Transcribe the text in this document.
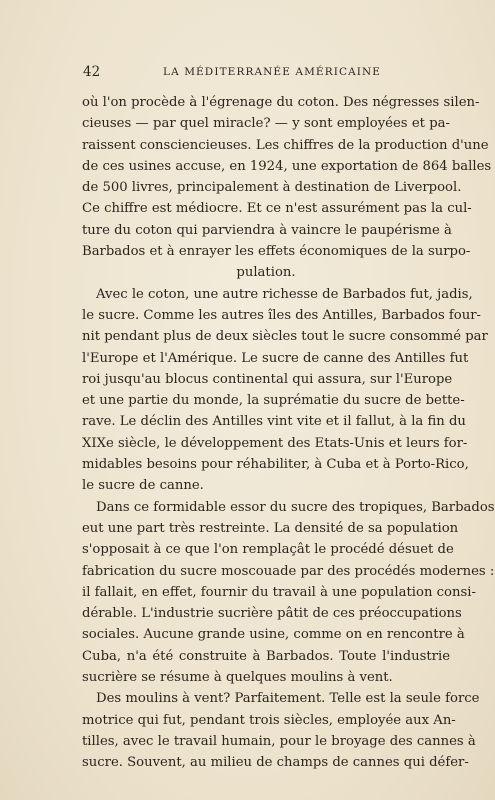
42	LA MÉDITERRANÉE AMÉRICAINE
où l'on procède à l'égrenage du coton. Des négresses silen-
cieuses — par quel miracle? — y sont employées et pa-
raissent consciencieuses. Les chiffres de la production d'une
de ces usines accuse, en 1924, une exportation de 864 balles
de 500 livres, principalement à destination de Liverpool.
Ce chiffre est médiocre. Et ce n'est assurément pas la cul-
ture du coton qui parviendra à vaincre le paupérisme à
Barbados et à enrayer les effets économiques de la surpo-
pulation.
Avec le coton, une autre richesse de Barbados fut, jadis,
le sucre. Comme les autres îles des Antilles, Barbados four-
nit pendant plus de deux siècles tout le sucre consommé par
l'Europe et l'Amérique. Le sucre de canne des Antilles fut
roi jusqu'au blocus continental qui assura, sur l'Europe
et une partie du monde, la suprématie du sucre de bette-
rave. Le déclin des Antilles vint vite et il fallut, à la fin du
XIXe siècle, le développement des Etats-Unis et leurs for-
midables besoins pour réhabiliter, à Cuba et à Porto-Rico,
le sucre de canne.
Dans ce formidable essor du sucre des tropiques, Barbados
eut une part très restreinte. La densité de sa population
s'opposait à ce que l'on remplaçât le procédé désuet de
fabrication du sucre moscouade par des procédés modernes :
il fallait, en effet, fournir du travail à une population consi-
dérable. L'industrie sucrière pâtit de ces préoccupations
sociales. Aucune grande usine, comme on en rencontre à
Cuba, n'a été construite à Barbados. Toute l'industrie
sucrière se résume à quelques moulins à vent.
Des moulins à vent? Parfaitement. Telle est la seule force
motrice qui fut, pendant trois siècles, employée aux An-
tilles, avec le travail humain, pour le broyage des cannes à
sucre. Souvent, au milieu de champs de cannes qui défer-
